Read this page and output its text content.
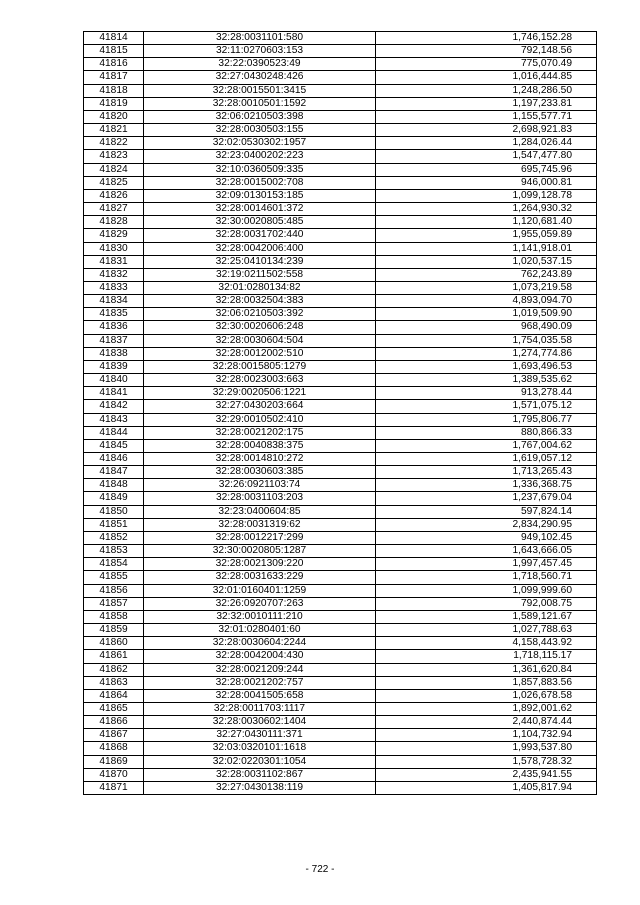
41814	32:28:0031101:580	1,746,152.28
41815	32:11:0270603:153	792,148.56
41816	32:22:0390523:49	775,070.49
41817	32:27:0430248:426	1,016,444.85
41818	32:28:0015501:3415	1,248,286.50
41819	32:28:0010501:1592	1,197,233.81
41820	32:06:0210503:398	1,155,577.71
41821	32:28:0030503:155	2,698,921.83
41822	32:02:0530302:1957	1,284,026.44
41823	32:23:0400202:223	1,547,477.80
41824	32:10:0360509:335	695,745.96
41825	32:28:0015002:708	946,000.81
41826	32:09:0130153:185	1,099,128.78
41827	32:28:0014601:372	1,264,930.32
41828	32:30:0020805:485	1,120,681.40
41829	32:28:0031702:440	1,955,059.89
41830	32:28:0042006:400	1,141,918.01
41831	32:25:0410134:239	1,020,537.15
41832	32:19:0211502:558	762,243.89
41833	32:01:0280134:82	1,073,219.58
41834	32:28:0032504:383	4,893,094.70
41835	32:06:0210503:392	1,019,509.90
41836	32:30:0020606:248	968,490.09
41837	32:28:0030604:504	1,754,035.58
41838	32:28:0012002:510	1,274,774.86
41839	32:28:0015805:1279	1,693,496.53
41840	32:28:0023003:663	1,389,535.62
41841	32:29:0020506:1221	913,278.44
41842	32:27:0430203:664	1,571,075.12
41843	32:29:0010502:410	1,795,806.77
41844	32:28:0021202:175	880,866.33
41845	32:28:0040838:375	1,767,004.62
41846	32:28:0014810:272	1,619,057.12
41847	32:28:0030603:385	1,713,265.43
41848	32:26:0921103:74	1,336,368.75
41849	32:28:0031103:203	1,237,679.04
41850	32:23:0400604:85	597,824.14
41851	32:28:0031319:62	2,834,290.95
41852	32:28:0012217:299	949,102.45
41853	32:30:0020805:1287	1,643,666.05
41854	32:28:0021309:220	1,997,457.45
41855	32:28:0031633:229	1,718,560.71
41856	32:01:0160401:1259	1,099,999.60
41857	32:26:0920707:263	792,008.75
41858	32:32:0010111:210	1,589,121.67
41859	32:01:0280401:60	1,027,788.63
41860	32:28:0030604:2244	4,158,443.92
41861	32:28:0042004:430	1,718,115.17
41862	32:28:0021209:244	1,361,620.84
41863	32:28:0021202:757	1,857,883.56
41864	32:28:0041505:658	1,026,678.58
41865	32:28:0011703:1117	1,892,001.62
41866	32:28:0030602:1404	2,440,874.44
41867	32:27:0430111:371	1,104,732.94
41868	32:03:0320101:1618	1,993,537.80
41869	32:02:0220301:1054	1,578,728.32
41870	32:28:0031102:867	2,435,941.55
41871	32:27:0430138:119	1,405,817.94
- 722 -
